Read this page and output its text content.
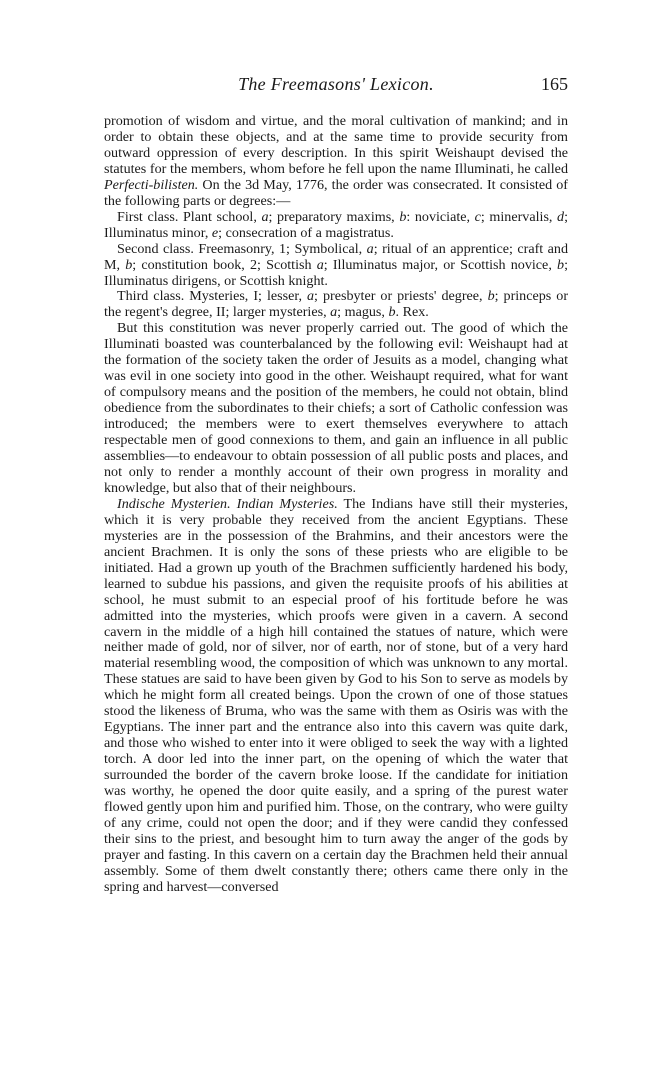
The Freemasons' Lexicon.	165

promotion of wisdom and virtue, and the moral cultivation of mankind; and in order to obtain these objects, and at the same time to provide security from outward oppression of every description. In this spirit Weishaupt devised the statutes for the members, whom before he fell upon the name Illuminati, he called Perfecti-bilisten. On the 3d May, 1776, the order was consecrated. It consisted of the following parts or degrees:—

First class. Plant school, a; preparatory maxims, b: noviciate, c; minervalis, d; Illuminatus minor, e; consecration of a magistratus.

Second class. Freemasonry, 1; Symbolical, a; ritual of an apprentice; craft and M, b; constitution book, 2; Scottish a; Illuminatus major, or Scottish novice, b; Illuminatus dirigens, or Scottish knight.

Third class. Mysteries, I; lesser, a; presbyter or priests' degree, b; princeps or the regent's degree, II; larger mysteries, a; magus, b. Rex.

But this constitution was never properly carried out. The good of which the Illuminati boasted was counterbalanced by the following evil: Weishaupt had at the formation of the society taken the order of Jesuits as a model, changing what was evil in one society into good in the other. Weishaupt required, what for want of compulsory means and the position of the members, he could not obtain, blind obedience from the subordinates to their chiefs; a sort of Catholic confession was introduced; the members were to exert themselves everywhere to attach respectable men of good connexions to them, and gain an influence in all public assemblies—to endeavour to obtain possession of all public posts and places, and not only to render a monthly account of their own progress in morality and knowledge, but also that of their neighbours.

Indische Mysterien. Indian Mysteries. The Indians have still their mysteries, which it is very probable they received from the ancient Egyptians. These mysteries are in the possession of the Brahmins, and their ancestors were the ancient Brachmen. It is only the sons of these priests who are eligible to be initiated. Had a grown up youth of the Brachmen sufficiently hardened his body, learned to subdue his passions, and given the requisite proofs of his abilities at school, he must submit to an especial proof of his fortitude before he was admitted into the mysteries, which proofs were given in a cavern. A second cavern in the middle of a high hill contained the statues of nature, which were neither made of gold, nor of silver, nor of earth, nor of stone, but of a very hard material resembling wood, the composition of which was unknown to any mortal. These statues are said to have been given by God to his Son to serve as models by which he might form all created beings. Upon the crown of one of those statues stood the likeness of Bruma, who was the same with them as Osiris was with the Egyptians. The inner part and the entrance also into this cavern was quite dark, and those who wished to enter into it were obliged to seek the way with a lighted torch. A door led into the inner part, on the opening of which the water that surrounded the border of the cavern broke loose. If the candidate for initiation was worthy, he opened the door quite easily, and a spring of the purest water flowed gently upon him and purified him. Those, on the contrary, who were guilty of any crime, could not open the door; and if they were candid they confessed their sins to the priest, and besought him to turn away the anger of the gods by prayer and fasting. In this cavern on a certain day the Brachmen held their annual assembly. Some of them dwelt constantly there; others came there only in the spring and harvest—conversed
